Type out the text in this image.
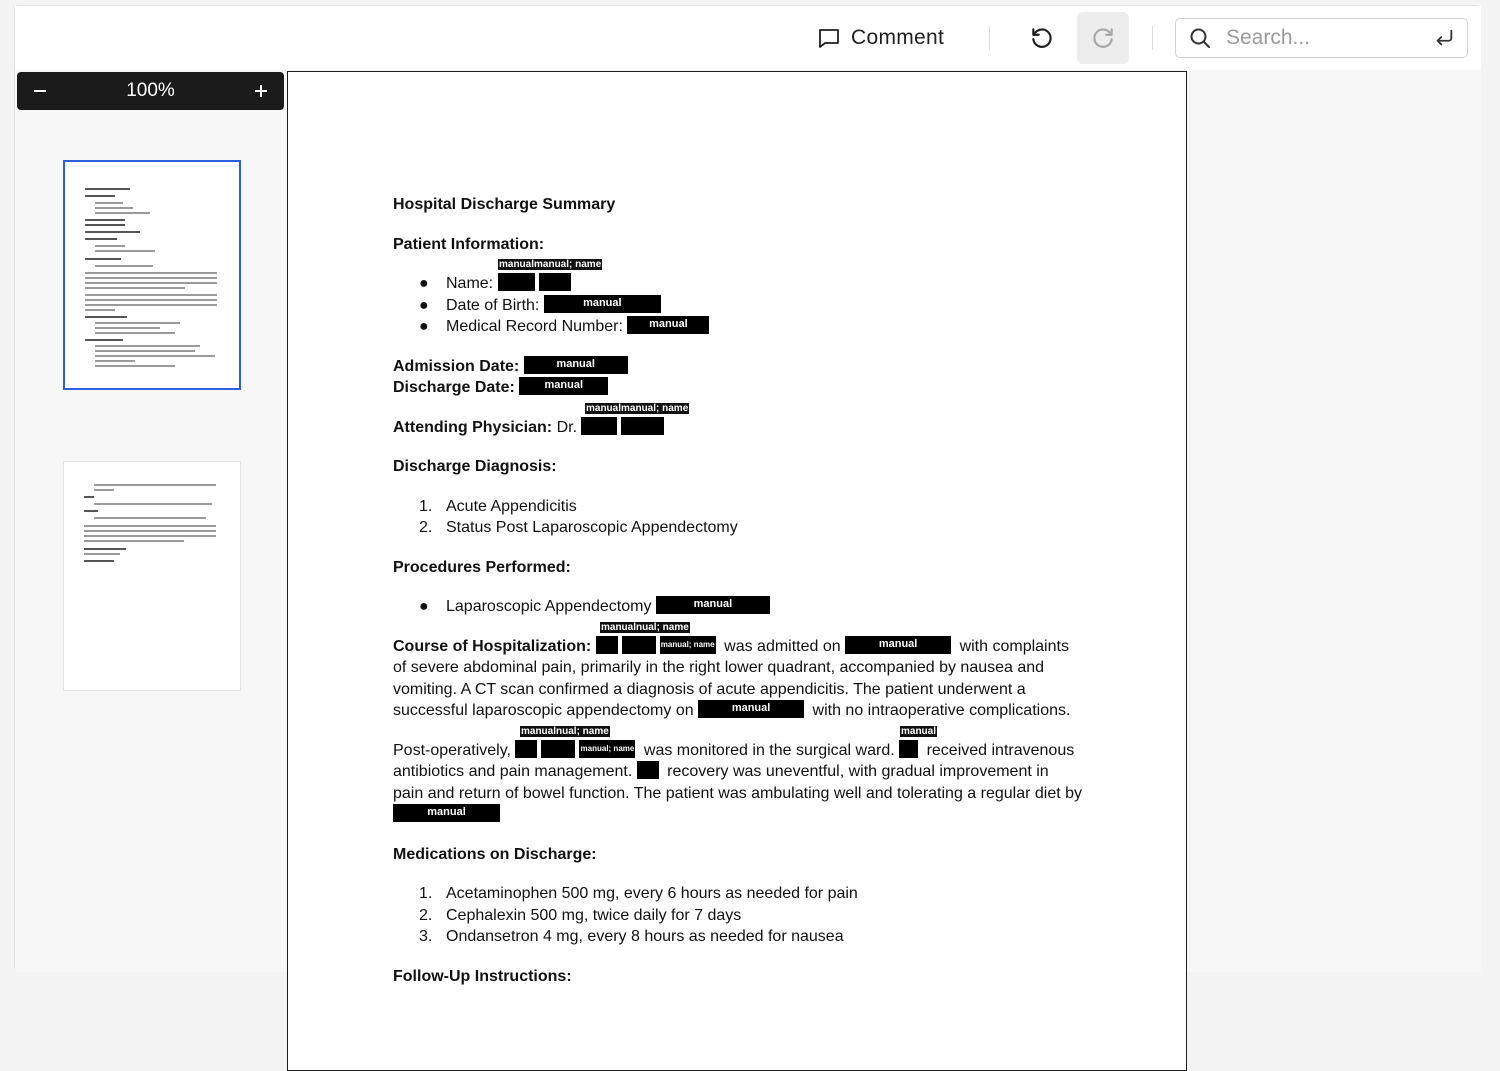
Comment
Search...
100%
Hospital Discharge Summary
Patient Information:
● Name:
manualmanual; name
● Date of Birth:	manual
● Medical Record Number:	manual
Admission Date:	manual
Discharge Date:	manual
Attending Physician: Dr.
manualmanual; name
Discharge Diagnosis:
1. Acute Appendicitis
2. Status Post Laparoscopic Appendectomy
Procedures Performed:
● Laparoscopic Appendectomy	manual
Course of Hospitalization:	manual; name was admitted on	manual	with complaints of severe abdominal pain, primarily in the right lower quadrant, accompanied by nausea and vomiting. A CT scan confirmed a diagnosis of acute appendicitis. The patient underwent a successful laparoscopic appendectomy on	manual	with no intraoperative complications.
manualnual; name
Post-operatively,	manual; name was monitored in the surgical ward. received intravenous antibiotics and pain management. recovery was uneventful, with gradual improvement in pain and return of bowel function. The patient was ambulating well and tolerating a regular diet by
manual
manualnual; name	manual
Medications on Discharge:
1. Acetaminophen 500 mg, every 6 hours as needed for pain
2. Cephalexin 500 mg, twice daily for 7 days
3. Ondansetron 4 mg, every 8 hours as needed for nausea
Follow-Up Instructions:
